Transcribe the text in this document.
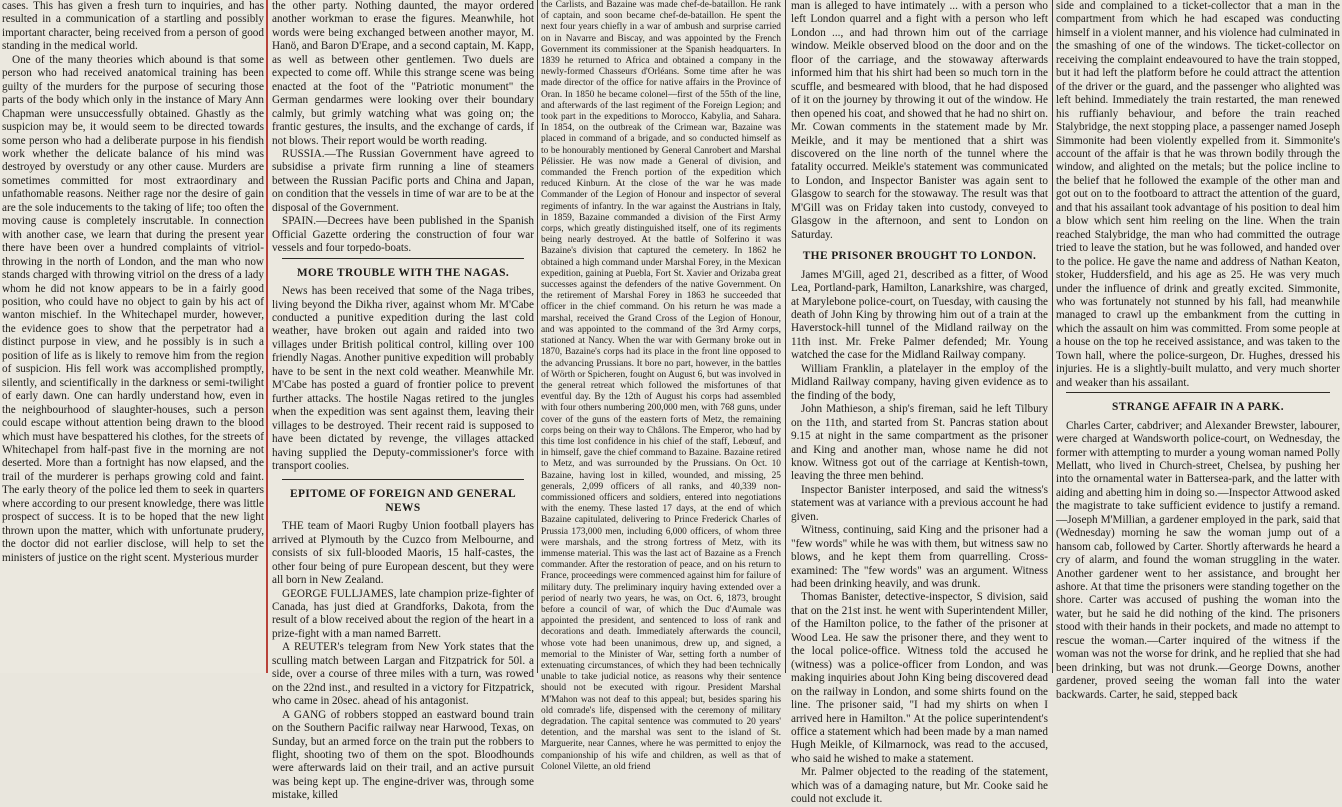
cases. This has given a fresh turn to inquiries, and has resulted in a communication of a startling and possibly important character, being received from a person of good standing in the medical world.

One of the many theories which abound is that some person who had received anatomical training has been guilty of the murders for the purpose of securing those parts of the body which only in the instance of Mary Ann Chapman were unsuccessfully obtained. Ghastly as the suspicion may be, it would seem to be directed towards some person who had a deliberate purpose in his fiendish work whether the delicate balance of his mind was destroyed by overstudy or any other cause. Murders are sometimes committed for most extraordinary and unfathomable reasons. Neither rage nor the desire of gain are the sole inducements to the taking of life; too often the moving cause is completely inscrutable. In connection with another case, we learn that during the present year there have been over a hundred complaints of vitriol-throwing in the north of London, and the man who now stands charged with throwing vitriol on the dress of a lady whom he did not know appears to be in a fairly good position, who could have no object to gain by his act of wanton mischief. In the Whitechapel murder, however, the evidence goes to show that the perpetrator had a distinct purpose in view, and he possibly is in such a position of life as is likely to remove him from the region of suspicion. His fell work was accomplished promptly, silently, and scientifically in the darkness or semi-twilight of early dawn. One can hardly understand how, even in the neighbourhood of slaughter-houses, such a person could escape without attention being drawn to the blood which must have bespattered his clothes, for the streets of Whitechapel from half-past five in the morning are not deserted. More than a fortnight has now elapsed, and the trail of the murderer is perhaps growing cold and faint. The early theory of the police led them to seek in quarters where according to our present knowledge, there was little prospect of success. It is to be hoped that the new light thrown upon the matter, which with unfortunate prudery, the doctor did not earlier disclose, will help to set the ministers of justice on the right scent. Mysterious murder

the other party. Nothing daunted, the mayor ordered another workman to erase the figures. Meanwhile, hot words were being exchanged between another mayor, M. Hanö, and Baron D'Erape, and a second captain, M. Kapp, as well as between other gentlemen. Two duels are expected to come off. While this strange scene was being enacted at the foot of the "Patriotic monument" the German gendarmes were looking over their boundary calmly, but grimly watching what was going on; the frantic gestures, the insults, and the exchange of cards, if not blows. Their report would be worth reading.

RUSSIA.—The Russian Government have agreed to subsidise a private firm running a line of steamers between the Russian Pacific ports and China and Japan, on condition that the vessels in time of war are to be at the disposal of the Government.

SPAIN.—Decrees have been published in the Spanish Official Gazette ordering the construction of four war vessels and four torpedo-boats.

MORE TROUBLE WITH THE NAGAS.

News has been received that some of the Naga tribes, living beyond the Dikha river, against whom Mr. M'Cabe conducted a punitive expedition during the last cold weather, have broken out again and raided into two villages under British political control, killing over 100 friendly Nagas. Another punitive expedition will probably have to be sent in the next cold weather. Meanwhile Mr. M'Cabe has posted a guard of frontier police to prevent further attacks. The hostile Nagas retired to the jungles when the expedition was sent against them, leaving their villages to be destroyed. Their recent raid is supposed to have been dictated by revenge, the villages attacked having supplied the Deputy-commissioner's force with transport coolies.

EPITOME OF FOREIGN AND GENERAL NEWS

THE team of Maori Rugby Union football players has arrived at Plymouth by the Cuzco from Melbourne, and consists of six full-blooded Maoris, 15 half-castes, the other four being of pure European descent, but they were all born in New Zealand.

GEORGE FULLJAMES, late champion prize-fighter of Canada, has just died at Grandforks, Dakota, from the result of a blow received about the region of the heart in a prize-fight with a man named Barrett.

A REUTER's telegram from New York states that the sculling match between Largan and Fitzpatrick for 50l. a side, over a course of three miles with a turn, was rowed on the 22nd inst., and resulted in a victory for Fitzpatrick, who came in 20sec. ahead of his antagonist.

A GANG of robbers stopped an eastward bound train on the Southern Pacific railway near Harwood, Texas, on Sunday, but an armed force on the train put the robbers to flight, shooting two of them on the spot. Bloodhounds were afterwards laid on their trail, and an active pursuit was being kept up. The engine-driver was, through some mistake, killed

the Carlists, and Bazaine was made chef-de-bataillon. He rank of captain, and soon became chef-de-bataillon. He spent the next four years chiefly in a war of ambush and surprise carried on in Navarre and Biscay, and was appointed by the French Government its commissioner at the Spanish headquarters. In 1839 he returned to Africa and obtained a company in the newly-formed Chasseurs d'Orléans. Some time after he was made director of the office for native affairs in the Province of Oran. In 1850 he became colonel—first of the 55th of the line, and afterwards of the last regiment of the Foreign Legion; and took part in the expeditions to Morocco, Kabylia, and Sahara. In 1854, on the outbreak of the Crimean war, Bazaine was placed in command of a brigade, and so conducted himself as to be honourably mentioned by General Canrobert and Marshal Pélissier. He was now made a General of division, and commanded the French portion of the expedition which reduced Kinburn. At the close of the war he was made Commander of the Legion of Honour and inspector of several regiments of infantry. In the war against the Austrians in Italy, in 1859, Bazaine commanded a division of the First Army corps, which greatly distinguished itself, one of its regiments being nearly destroyed. At the battle of Solferino it was Bazaine's division that captured the cemetery. In 1862 he obtained a high command under Marshal Forey, in the Mexican expedition, gaining at Puebla, Fort St. Xavier and Orizaba great successes against the defenders of the native Government. On the retirement of Marshal Forey in 1863 he succeeded that officer in the chief command. On his return he was made a marshal, received the Grand Cross of the Legion of Honour, and was appointed to the command of the 3rd Army corps, stationed at Nancy. When the war with Germany broke out in 1870, Bazaine's corps had its place in the front line opposed to the advancing Prussians. It bore no part, however, in the battles of Wörth or Spicheren, fought on August 6, but was involved in the general retreat which followed the misfortunes of that eventful day. By the 12th of August his corps had assembled with four others numbering 200,000 men, with 768 guns, under cover of the guns of the eastern forts of Metz, the remaining corps being on their way to Châlons. The Emperor, who had by this time lost confidence in his chief of the staff, Lebœuf, and in himself, gave the chief command to Bazaine. Bazaine retired to Metz, and was surrounded by the Prussians. On Oct. 10 Bazaine, having lost in killed, wounded, and missing, 25 generals, 2,099 officers of all ranks, and 40,339 non-commissioned officers and soldiers, entered into negotiations with the enemy. These lasted 17 days, at the end of which Bazaine capitulated, delivering to Prince Frederick Charles of Prussia 173,000 men, including 6,000 officers, of whom three were marshals, and the strong fortress of Metz, with its immense material. This was the last act of Bazaine as a French commander. After the restoration of peace, and on his return to France, proceedings were commenced against him for failure of military duty. The preliminary inquiry having extended over a period of nearly two years, he was, on Oct. 6, 1873, brought before a council of war, of which the Duc d'Aumale was appointed the president, and sentenced to loss of rank and decorations and death. Immediately afterwards the council, whose vote had been unanimous, drew up, and signed, a memorial to the Minister of War, setting forth a number of extenuating circumstances, of which they had been technically unable to take judicial notice, as reasons why their sentence should not be executed with rigour. President Marshal M'Mahon was not deaf to this appeal; but, besides sparing his old comrade's life, dispensed with the ceremony of military degradation. The capital sentence was commuted to 20 years' detention, and the marshal was sent to the island of St. Marguerite, near Cannes, where he was permitted to enjoy the companionship of his wife and children, as well as that of Colonel Vilette, an old friend

man is alleged to have intimately ... with a person who left London quarrel and a fight with a person who left London ..., and had thrown him out of the carriage window. Meikle observed blood on the door and on the floor of the carriage, and the stowaway afterwards informed him that his shirt had been so much torn in the scuffle, and besmeared with blood, that he had disposed of it on the journey by throwing it out of the window. He then opened his coat, and showed that he had no shirt on. Mr. Cowan comments in the statement made by Mr. Meikle, and it may be mentioned that a shirt was discovered on the line north of the tunnel where the fatality occurred. Meikle's statement was communicated to London, and Inspector Banister was again sent to Glasgow to search for the stowaway. The result was that M'Gill was on Friday taken into custody, conveyed to Glasgow in the afternoon, and sent to London on Saturday.

THE PRISONER BROUGHT TO LONDON.

James M'Gill, aged 21, described as a fitter, of Wood Lea, Portland-park, Hamilton, Lanarkshire, was charged, at Marylebone police-court, on Tuesday, with causing the death of John King by throwing him out of a train at the Haverstock-hill tunnel of the Midland railway on the 11th inst. Mr. Freke Palmer defended; Mr. Young watched the case for the Midland Railway company.

William Franklin, a platelayer in the employ of the Midland Railway company, having given evidence as to the finding of the body,

John Mathieson, a ship's fireman, said he left Tilbury on the 11th, and started from St. Pancras station about 9.15 at night in the same compartment as the prisoner and King and another man, whose name he did not know. Witness got out of the carriage at Kentish-town, leaving the three men behind.

Inspector Banister interposed, and said the witness's statement was at variance with a previous account he had given.

Witness, continuing, said King and the prisoner had a "few words" while he was with them, but witness saw no blows, and he kept them from quarrelling. Cross-examined: The "few words" was an argument. Witness had been drinking heavily, and was drunk.

Thomas Banister, detective-inspector, S division, said that on the 21st inst. he went with Superintendent Miller, of the Hamilton police, to the father of the prisoner at Wood Lea. He saw the prisoner there, and they went to the local police-office. Witness told the accused he (witness) was a police-officer from London, and was making inquiries about John King being discovered dead on the railway in London, and some shirts found on the line. The prisoner said, "I had my shirts on when I arrived here in Hamilton." At the police superintendent's office a statement which had been made by a man named Hugh Meikle, of Kilmarnock, was read to the accused, who said he wished to make a statement.

Mr. Palmer objected to the reading of the statement, which was of a damaging nature, but Mr. Cooke said he could not exclude it.

side and complained to a ticket-collector that a man in the compartment from which he had escaped was conducting himself in a violent manner, and his violence had culminated in the smashing of one of the windows. The ticket-collector on receiving the complaint endeavoured to have the train stopped, but it had left the platform before he could attract the attention of the driver or the guard, and the passenger who alighted was left behind. Immediately the train restarted, the man renewed his ruffianly behaviour, and before the train reached Stalybridge, the next stopping place, a passenger named Joseph Simmonite had been violently expelled from it. Simmonite's account of the affair is that he was thrown bodily through the window, and alighted on the metals; but the police incline to the belief that he followed the example of the other man and got out on to the footboard to attract the attention of the guard, and that his assailant took advantage of his position to deal him a blow which sent him reeling on the line. When the train reached Stalybridge, the man who had committed the outrage tried to leave the station, but he was followed, and handed over to the police. He gave the name and address of Nathan Keaton, stoker, Huddersfield, and his age as 25. He was very much under the influence of drink and greatly excited. Simmonite, who was fortunately not stunned by his fall, had meanwhile managed to crawl up the embankment from the cutting in which the assault on him was committed. From some people at a house on the top he received assistance, and was taken to the Town hall, where the police-surgeon, Dr. Hughes, dressed his injuries. He is a slightly-built mulatto, and very much shorter and weaker than his assailant.

STRANGE AFFAIR IN A PARK.

Charles Carter, cabdriver; and Alexander Brewster, labourer, were charged at Wandsworth police-court, on Wednesday, the former with attempting to murder a young woman named Polly Mellatt, who lived in Church-street, Chelsea, by pushing her into the ornamental water in Battersea-park, and the latter with aiding and abetting him in doing so.—Inspector Attwood asked the magistrate to take sufficient evidence to justify a remand.—Joseph M'Millian, a gardener employed in the park, said that (Wednesday) morning he saw the woman jump out of a hansom cab, followed by Carter. Shortly afterwards he heard a cry of alarm, and found the woman struggling in the water. Another gardener went to her assistance, and brought her ashore. At that time the prisoners were standing together on the shore. Carter was accused of pushing the woman into the water, but he said he did nothing of the kind. The prisoners stood with their hands in their pockets, and made no attempt to rescue the woman.—Carter inquired of the witness if the woman was not the worse for drink, and he replied that she had been drinking, but was not drunk.—George Downs, another gardener, proved seeing the woman fall into the water backwards. Carter, he said, stepped back
